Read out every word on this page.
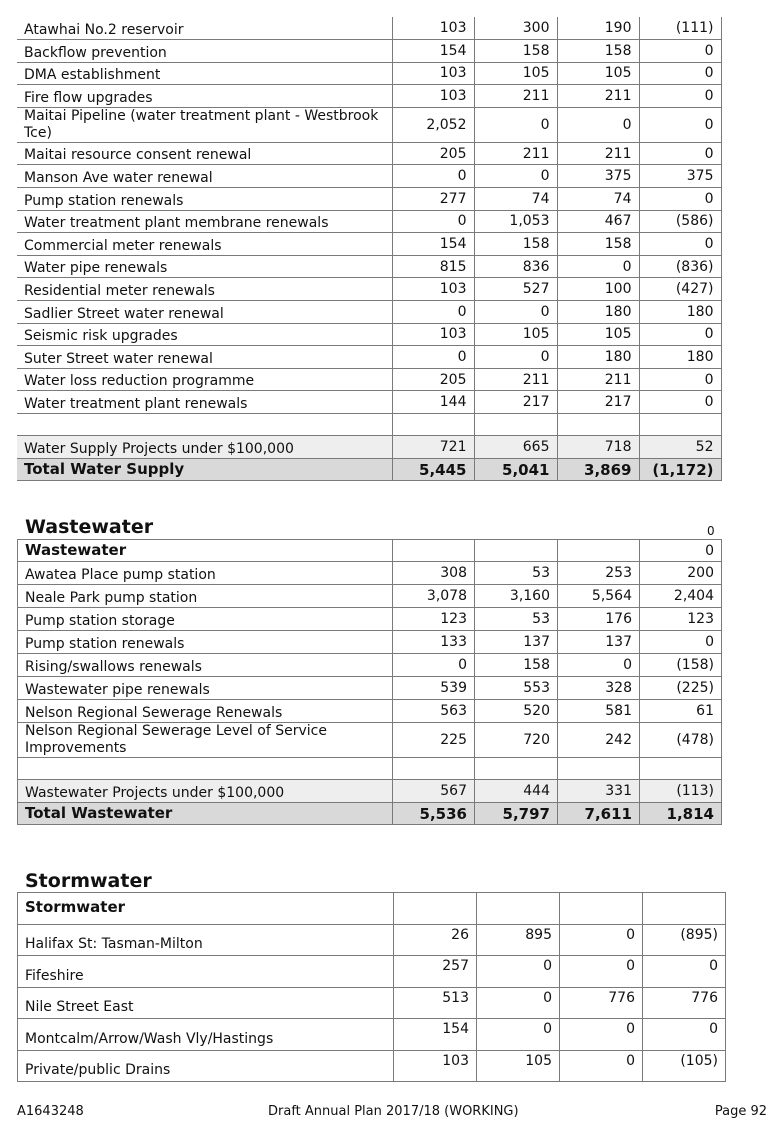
Atawhai No.2 reservoir	103	300	190	(111)
Backflow prevention	154	158	158	0
DMA establishment	103	105	105	0
Fire flow upgrades	103	211	211	0
Maitai Pipeline (water treatment plant - Westbrook Tce)	2,052	0	0	0
Maitai resource consent renewal	205	211	211	0
Manson Ave water renewal	0	0	375	375
Pump station renewals	277	74	74	0
Water treatment plant membrane renewals	0	1,053	467	(586)
Commercial meter renewals	154	158	158	0
Water pipe renewals	815	836	0	(836)
Residential meter renewals	103	527	100	(427)
Sadlier Street water renewal	0	0	180	180
Seismic risk upgrades	103	105	105	0
Suter Street water renewal	0	0	180	180
Water loss reduction programme	205	211	211	0
Water treatment plant renewals	144	217	217	0

Water Supply Projects under $100,000	721	665	718	52
Total Water Supply	5,445	5,041	3,869	(1,172)
Wastewater	0
Wastewater				0
Awatea Place pump station	308	53	253	200
Neale Park pump station	3,078	3,160	5,564	2,404
Pump station storage	123	53	176	123
Pump station renewals	133	137	137	0
Rising/swallows renewals	0	158	0	(158)
Wastewater pipe renewals	539	553	328	(225)
Nelson Regional Sewerage Renewals	563	520	581	61
Nelson Regional Sewerage Level of Service Improvements	225	720	242	(478)

Wastewater Projects under $100,000	567	444	331	(113)
Total Wastewater	5,536	5,797	7,611	1,814
Stormwater
Stormwater				
Halifax St: Tasman-Milton	26	895	0	(895)
Fifeshire	257	0	0	0
Nile Street East	513	0	776	776
Montcalm/Arrow/Wash Vly/Hastings	154	0	0	0
Private/public Drains	103	105	0	(105)
A1643248	Draft Annual Plan 2017/18 (WORKING)	Page 92
